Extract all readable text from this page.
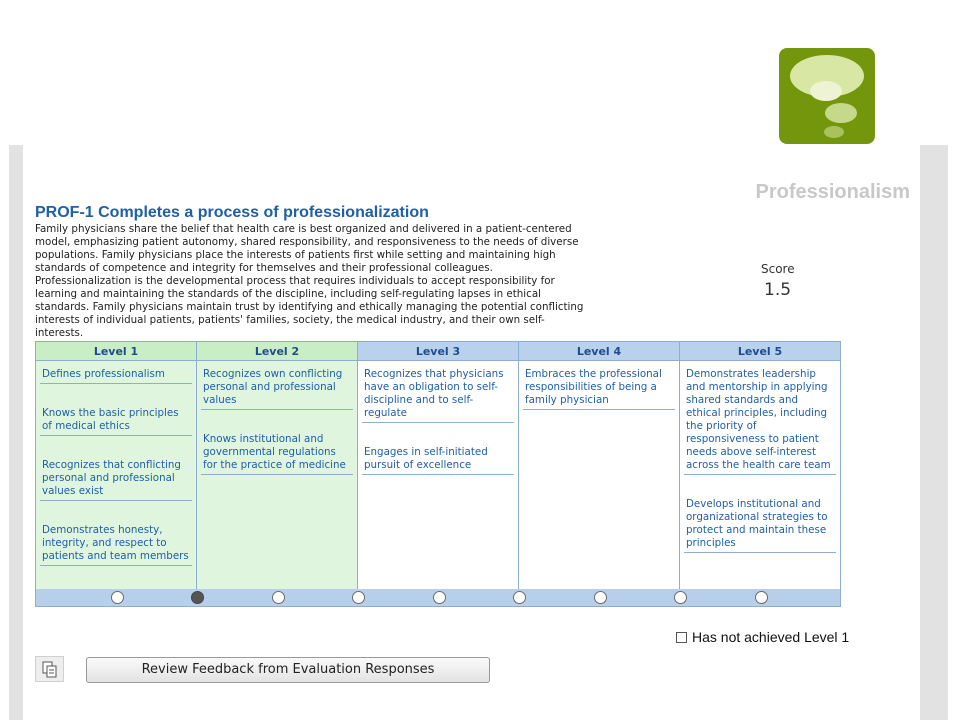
Professionalism
PROF-1 Completes a process of professionalization
Family physicians share the belief that health care is best organized and delivered in a patient-centered model, emphasizing patient autonomy, shared responsibility, and responsiveness to the needs of diverse populations. Family physicians place the interests of patients first while setting and maintaining high standards of competence and integrity for themselves and their professional colleagues. Professionalization is the developmental process that requires individuals to accept responsibility for learning and maintaining the standards of the discipline, including self-regulating lapses in ethical standards. Family physicians maintain trust by identifying and ethically managing the potential conflicting interests of individual patients, patients' families, society, the medical industry, and their own self-interests.
Score
1.5
Level 1
Defines professionalism
Knows the basic principles of medical ethics
Recognizes that conflicting personal and professional values exist
Demonstrates honesty, integrity, and respect to patients and team members
Level 2
Recognizes own conflicting personal and professional values
Knows institutional and governmental regulations for the practice of medicine
Level 3
Recognizes that physicians have an obligation to self-discipline and to self-regulate
Engages in self-initiated pursuit of excellence
Level 4
Embraces the professional responsibilities of being a family physician
Level 5
Demonstrates leadership and mentorship in applying shared standards and ethical principles, including the priority of responsiveness to patient needs above self-interest across the health care team
Develops institutional and organizational strategies to protect and maintain these principles
Has not achieved Level 1
Review Feedback from Evaluation Responses
